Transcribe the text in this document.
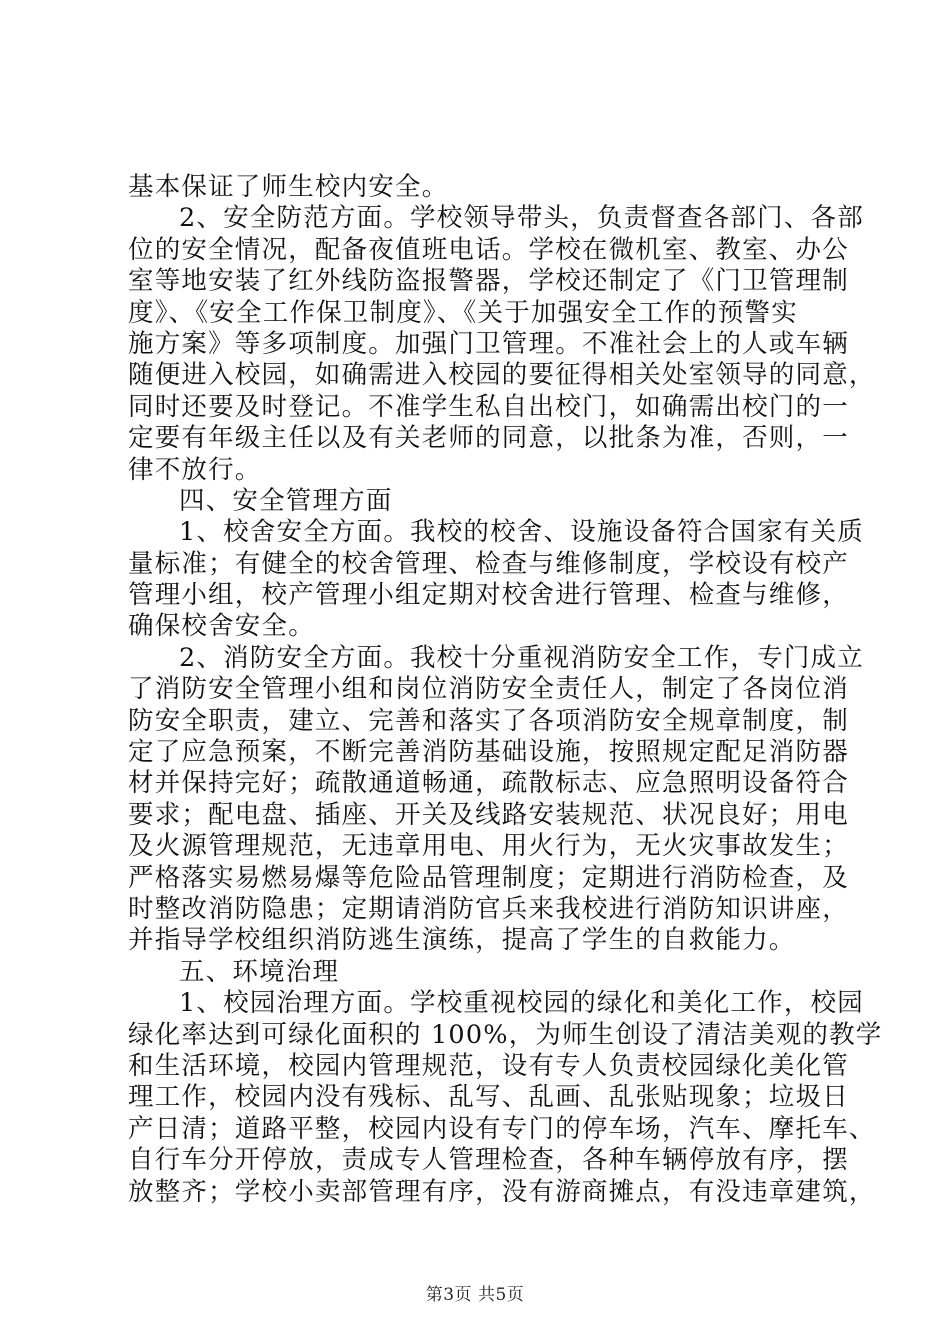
基本保证了师生校内安全。
2、安全防范方面。学校领导带头，负责督查各部门、各部
位的安全情况，配备夜值班电话。学校在微机室、教室、办公
室等地安装了红外线防盗报警器，学校还制定了《门卫管理制
度》、《安全工作保卫制度》、《关于加强安全工作的预警实
施方案》等多项制度。加强门卫管理。不准社会上的人或车辆
随便进入校园，如确需进入校园的要征得相关处室领导的同意，
同时还要及时登记。不准学生私自出校门，如确需出校门的一
定要有年级主任以及有关老师的同意，以批条为准，否则，一
律不放行。
四、安全管理方面
1、校舍安全方面。我校的校舍、设施设备符合国家有关质
量标准；有健全的校舍管理、检查与维修制度，学校设有校产
管理小组，校产管理小组定期对校舍进行管理、检查与维修，
确保校舍安全。
2、消防安全方面。我校十分重视消防安全工作，专门成立
了消防安全管理小组和岗位消防安全责任人，制定了各岗位消
防安全职责，建立、完善和落实了各项消防安全规章制度，制
定了应急预案，不断完善消防基础设施，按照规定配足消防器
材并保持完好；疏散通道畅通，疏散标志、应急照明设备符合
要求；配电盘、插座、开关及线路安装规范、状况良好；用电
及火源管理规范，无违章用电、用火行为，无火灾事故发生；
严格落实易燃易爆等危险品管理制度；定期进行消防检查，及
时整改消防隐患；定期请消防官兵来我校进行消防知识讲座，
并指导学校组织消防逃生演练，提高了学生的自救能力。
五、环境治理
1、校园治理方面。学校重视校园的绿化和美化工作，校园
绿化率达到可绿化面积的 100%，为师生创设了清洁美观的教学
和生活环境，校园内管理规范，设有专人负责校园绿化美化管
理工作，校园内没有残标、乱写、乱画、乱张贴现象；垃圾日
产日清；道路平整，校园内设有专门的停车场，汽车、摩托车、
自行车分开停放，责成专人管理检查，各种车辆停放有序，摆
放整齐；学校小卖部管理有序，没有游商摊点，有没违章建筑，
第3页 共5页
